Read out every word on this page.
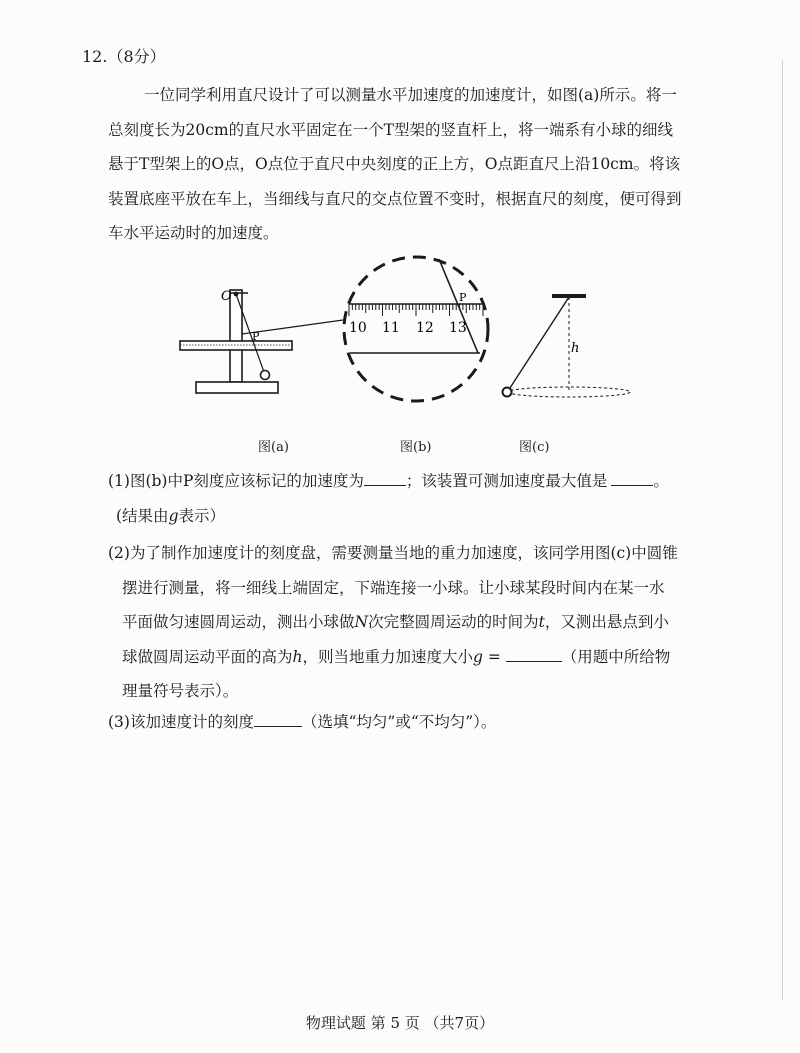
12.（8分）
一位同学利用直尺设计了可以测量水平加速度的加速度计，如图(a)所示。将一
总刻度长为20cm的直尺水平固定在一个T型架的竖直杆上，将一端系有小球的细线
悬于T型架上的O点，O点位于直尺中央刻度的正上方，O点距直尺上沿10cm。将该
装置底座平放在车上，当细线与直尺的交点位置不变时，根据直尺的刻度，便可得到
车水平运动时的加速度。
O
P
P
10 11 12 13
h
图(a)	图(b)	图(c)
(1)图(b)中P刻度应该标记的加速度为	；该装置可测加速度最大值是	。
(结果由g表示）
(2)为了制作加速度计的刻度盘，需要测量当地的重力加速度，该同学用图(c)中圆锥
摆进行测量，将一细线上端固定，下端连接一小球。让小球某段时间内在某一水
平面做匀速圆周运动，测出小球做N次完整圆周运动的时间为t，又测出悬点到小
球做圆周运动平面的高为h，则当地重力加速度大小g =	（用题中所给物
理量符号表示）。
(3)该加速度计的刻度	（选填“均匀”或“不均匀”）。
物理试题 第 5 页 （共7页）
